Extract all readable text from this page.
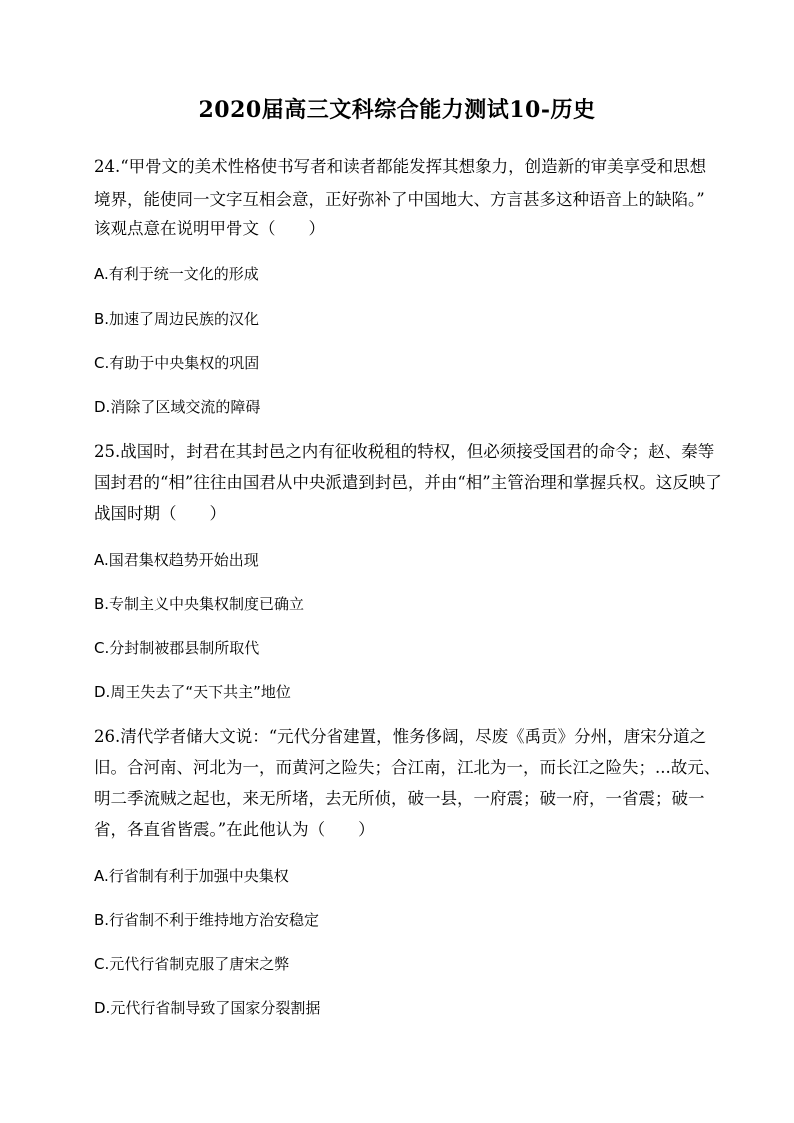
2020届高三文科综合能力测试10-历史
24.“甲骨文的美术性格使书写者和读者都能发挥其想象力，创造新的审美享受和思想
境界，能使同一文字互相会意，正好弥补了中国地大、方言甚多这种语音上的缺陷。”
该观点意在说明甲骨文（　　）
A.有利于统一文化的形成
B.加速了周边民族的汉化
C.有助于中央集权的巩固
D.消除了区域交流的障碍
25.战国时，封君在其封邑之内有征收税租的特权，但必须接受国君的命令；赵、秦等
国封君的“相”往往由国君从中央派遣到封邑，并由“相”主管治理和掌握兵权。这反映了
战国时期（　　）
A.国君集权趋势开始出现
B.专制主义中央集权制度已确立
C.分封制被郡县制所取代
D.周王失去了“天下共主”地位
26.清代学者储大文说：“元代分省建置，惟务侈阔，尽废《禹贡》分州，唐宋分道之
旧。合河南、河北为一，而黄河之险失；合江南，江北为一，而长江之险失；...故元、
明二季流贼之起也，来无所堵，去无所侦，破一县，一府震；破一府，一省震；破一
省，各直省皆震。”在此他认为（　　）
A.行省制有利于加强中央集权
B.行省制不利于维持地方治安稳定
C.元代行省制克服了唐宋之弊
D.元代行省制导致了国家分裂割据
